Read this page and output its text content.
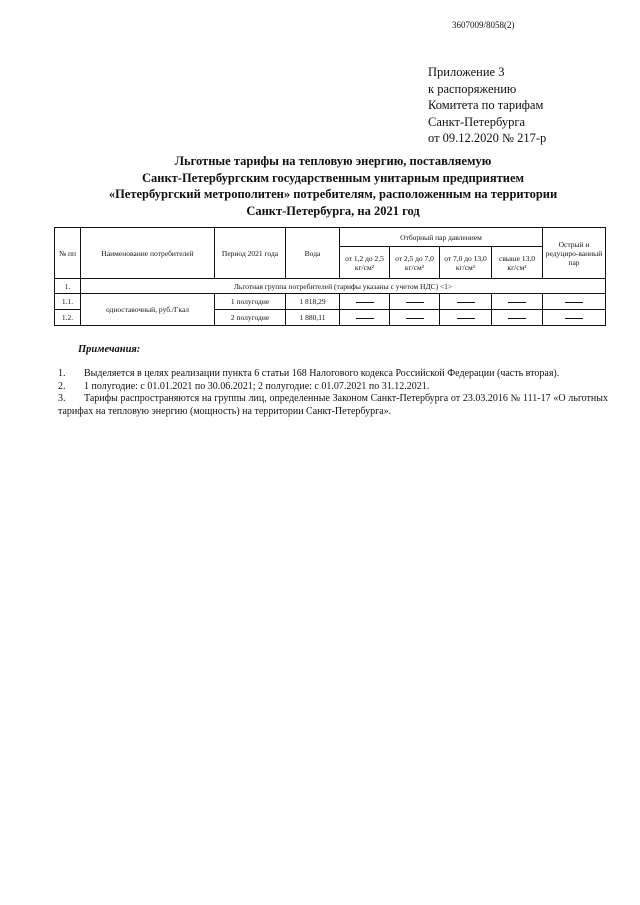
3607009/8058(2)
Приложение 3
к распоряжению
Комитета по тарифам
Санкт-Петербурга
от 09.12.2020 № 217-р
Льготные тарифы на тепловую энергию, поставляемую
Санкт-Петербургским государственным унитарным предприятием
«Петербургский метрополитен» потребителям, расположенным на территории
Санкт-Петербурга, на 2021 год
№ пп	Наименование потребителей	Период 2021 года	Вода	Отборный пар давлением				Острый и редуциро-ванный пар
				от 1,2 до 2,5 кг/см²	от 2,5 до 7,0 кг/см²	от 7,0 до 13,0 кг/см²	свыше 13,0 кг/см²	
1.	Льготная группа потребителей (тарифы указаны с учетом НДС) <1>							
1.1.	одноставочный, руб./Гкал	1 полугодие	1 818,29					
1.2.		2 полугодие	1 880,11					
Примечания:
1. Выделяется в целях реализации пункта 6 статьи 168 Налогового кодекса Российской Федерации (часть вторая).
2. 1 полугодие: с 01.01.2021 по 30.06.2021; 2 полугодие: с 01.07.2021 по 31.12.2021.
3. Тарифы распространяются на группы лиц, определенные Законом Санкт-Петербурга от 23.03.2016 № 111-17 «О льготных тарифах на тепловую энергию (мощность) на территории Санкт-Петербурга».
